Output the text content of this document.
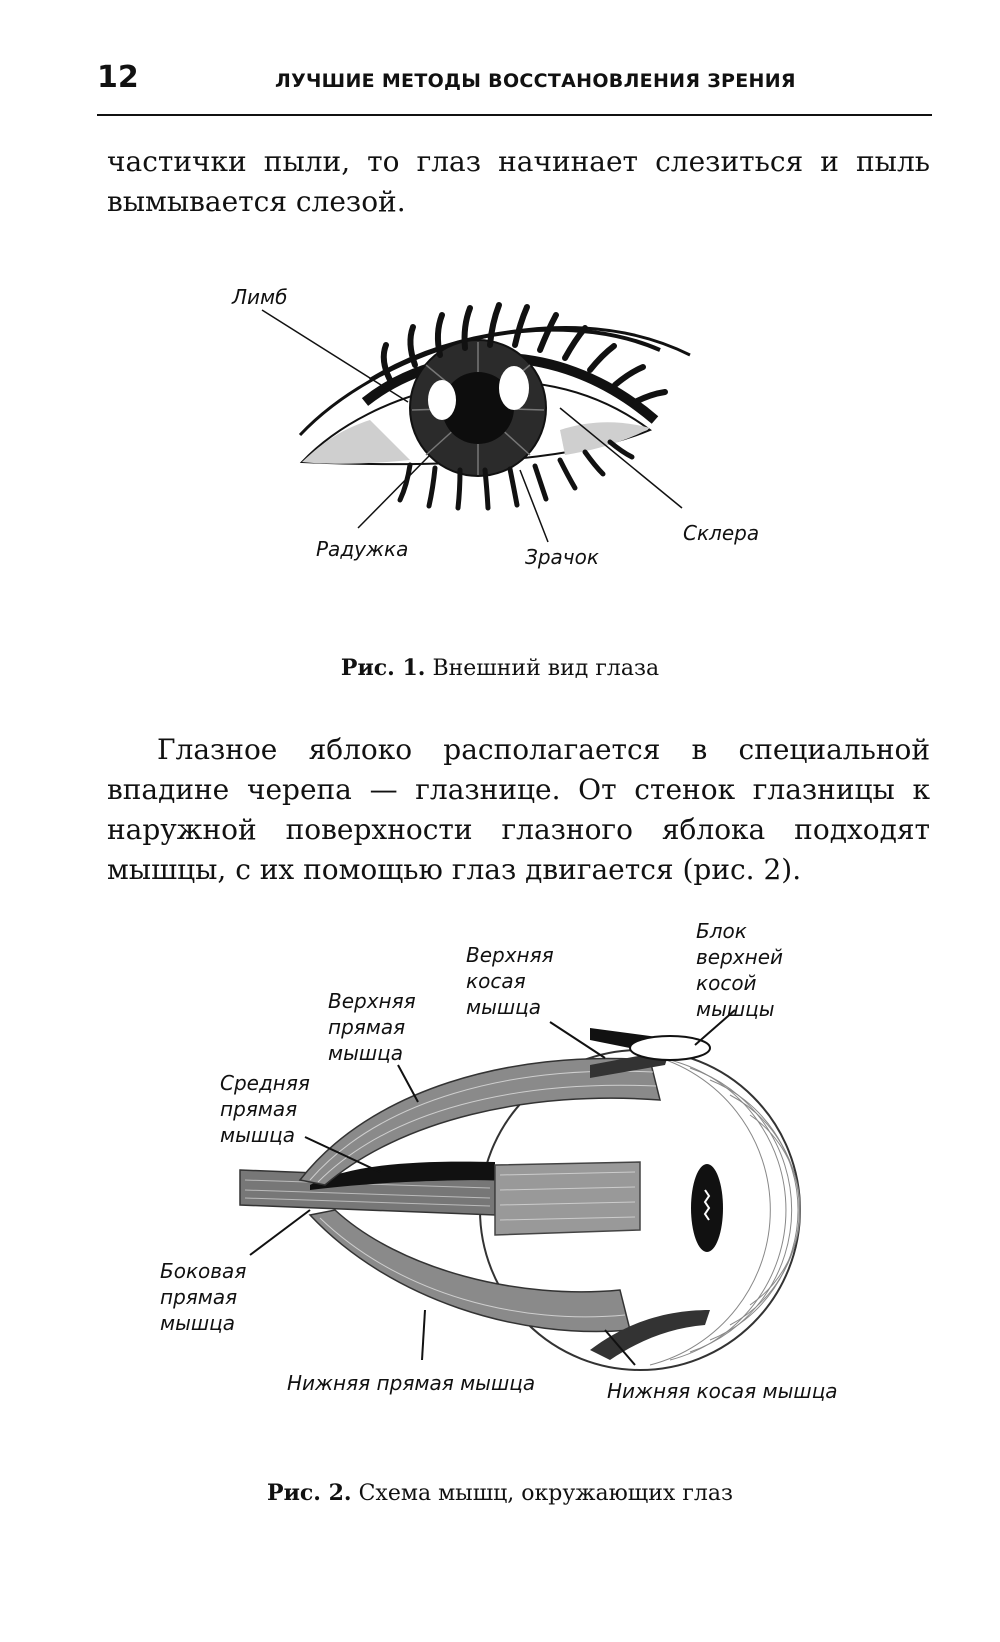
12	ЛУЧШИЕ МЕТОДЫ ВОССТАНОВЛЕНИЯ ЗРЕНИЯ

частички пыли, то глаз начинает слезиться и пыль вымывается слезой.

Лимб
Радужка	Зрачок
Склера
Рис. 1. Внешний вид глаза

Глазное яблоко располагается в специальной впадине черепа — глазнице. От стенок глазницы к наружной поверхности глазного яблока подходят мышцы, с их помощью глаз двигается (рис. 2).

Блок верхней косой мышцы
Верхняя косая мышца
Верхняя прямая мышца
Средняя прямая мышца
Боковая прямая мышца
Нижняя прямая мышца	Нижняя косая мышца
Рис. 2. Схема мышц, окружающих глаз
